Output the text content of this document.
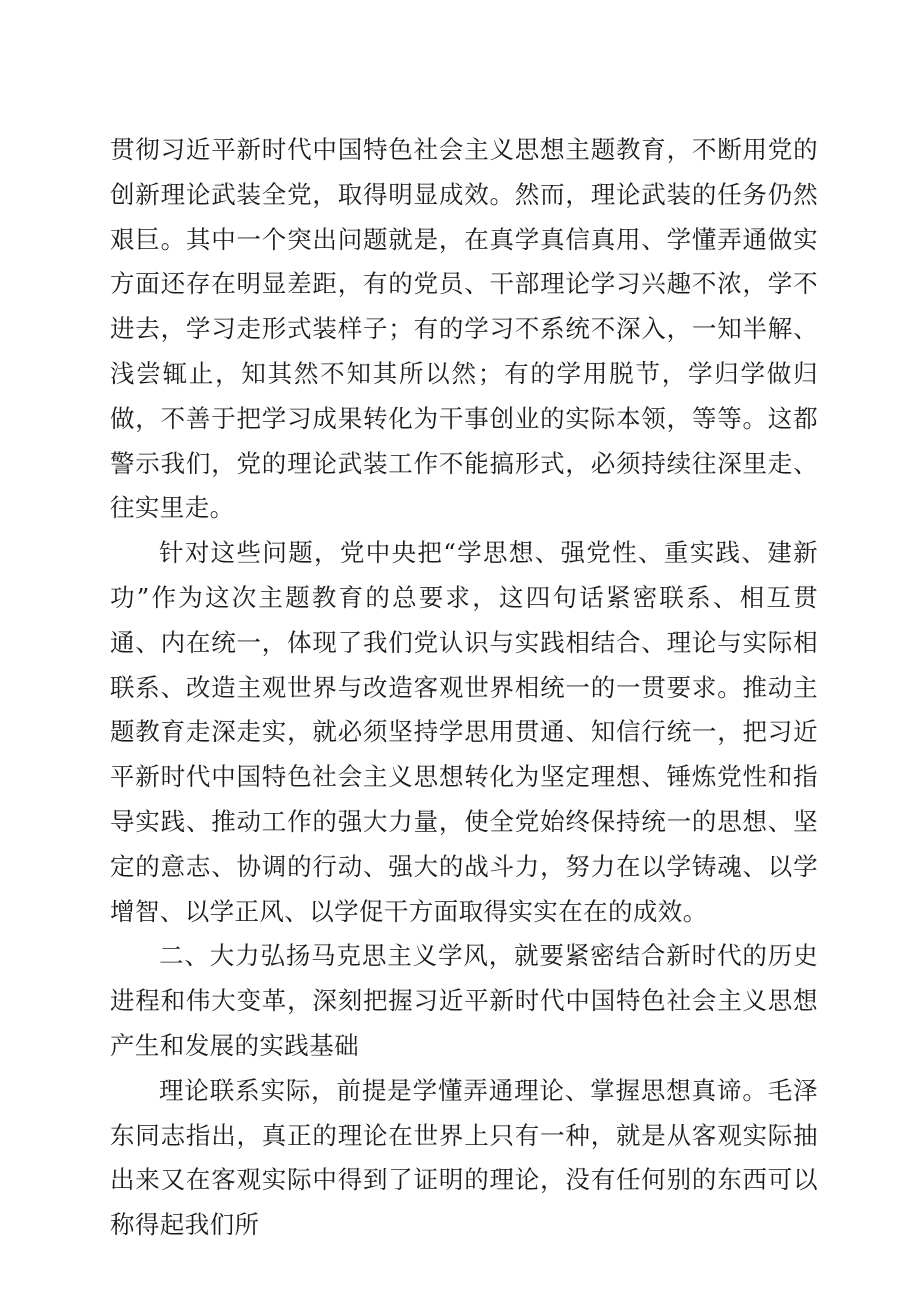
贯彻习近平新时代中国特色社会主义思想主题教育，不断用党的创新理论武装全党，取得明显成效。然而，理论武装的任务仍然艰巨。其中一个突出问题就是，在真学真信真用、学懂弄通做实方面还存在明显差距，有的党员、干部理论学习兴趣不浓，学不进去，学习走形式装样子；有的学习不系统不深入，一知半解、浅尝辄止，知其然不知其所以然；有的学用脱节，学归学做归做，不善于把学习成果转化为干事创业的实际本领，等等。这都警示我们，党的理论武装工作不能搞形式，必须持续往深里走、往实里走。

针对这些问题，党中央把“学思想、强党性、重实践、建新功”作为这次主题教育的总要求，这四句话紧密联系、相互贯通、内在统一，体现了我们党认识与实践相结合、理论与实际相联系、改造主观世界与改造客观世界相统一的一贯要求。推动主题教育走深走实，就必须坚持学思用贯通、知信行统一，把习近平新时代中国特色社会主义思想转化为坚定理想、锤炼党性和指导实践、推动工作的强大力量，使全党始终保持统一的思想、坚定的意志、协调的行动、强大的战斗力，努力在以学铸魂、以学增智、以学正风、以学促干方面取得实实在在的成效。

二、大力弘扬马克思主义学风，就要紧密结合新时代的历史进程和伟大变革，深刻把握习近平新时代中国特色社会主义思想产生和发展的实践基础

理论联系实际，前提是学懂弄通理论、掌握思想真谛。毛泽东同志指出，真正的理论在世界上只有一种，就是从客观实际抽出来又在客观实际中得到了证明的理论，没有任何别的东西可以称得起我们所
